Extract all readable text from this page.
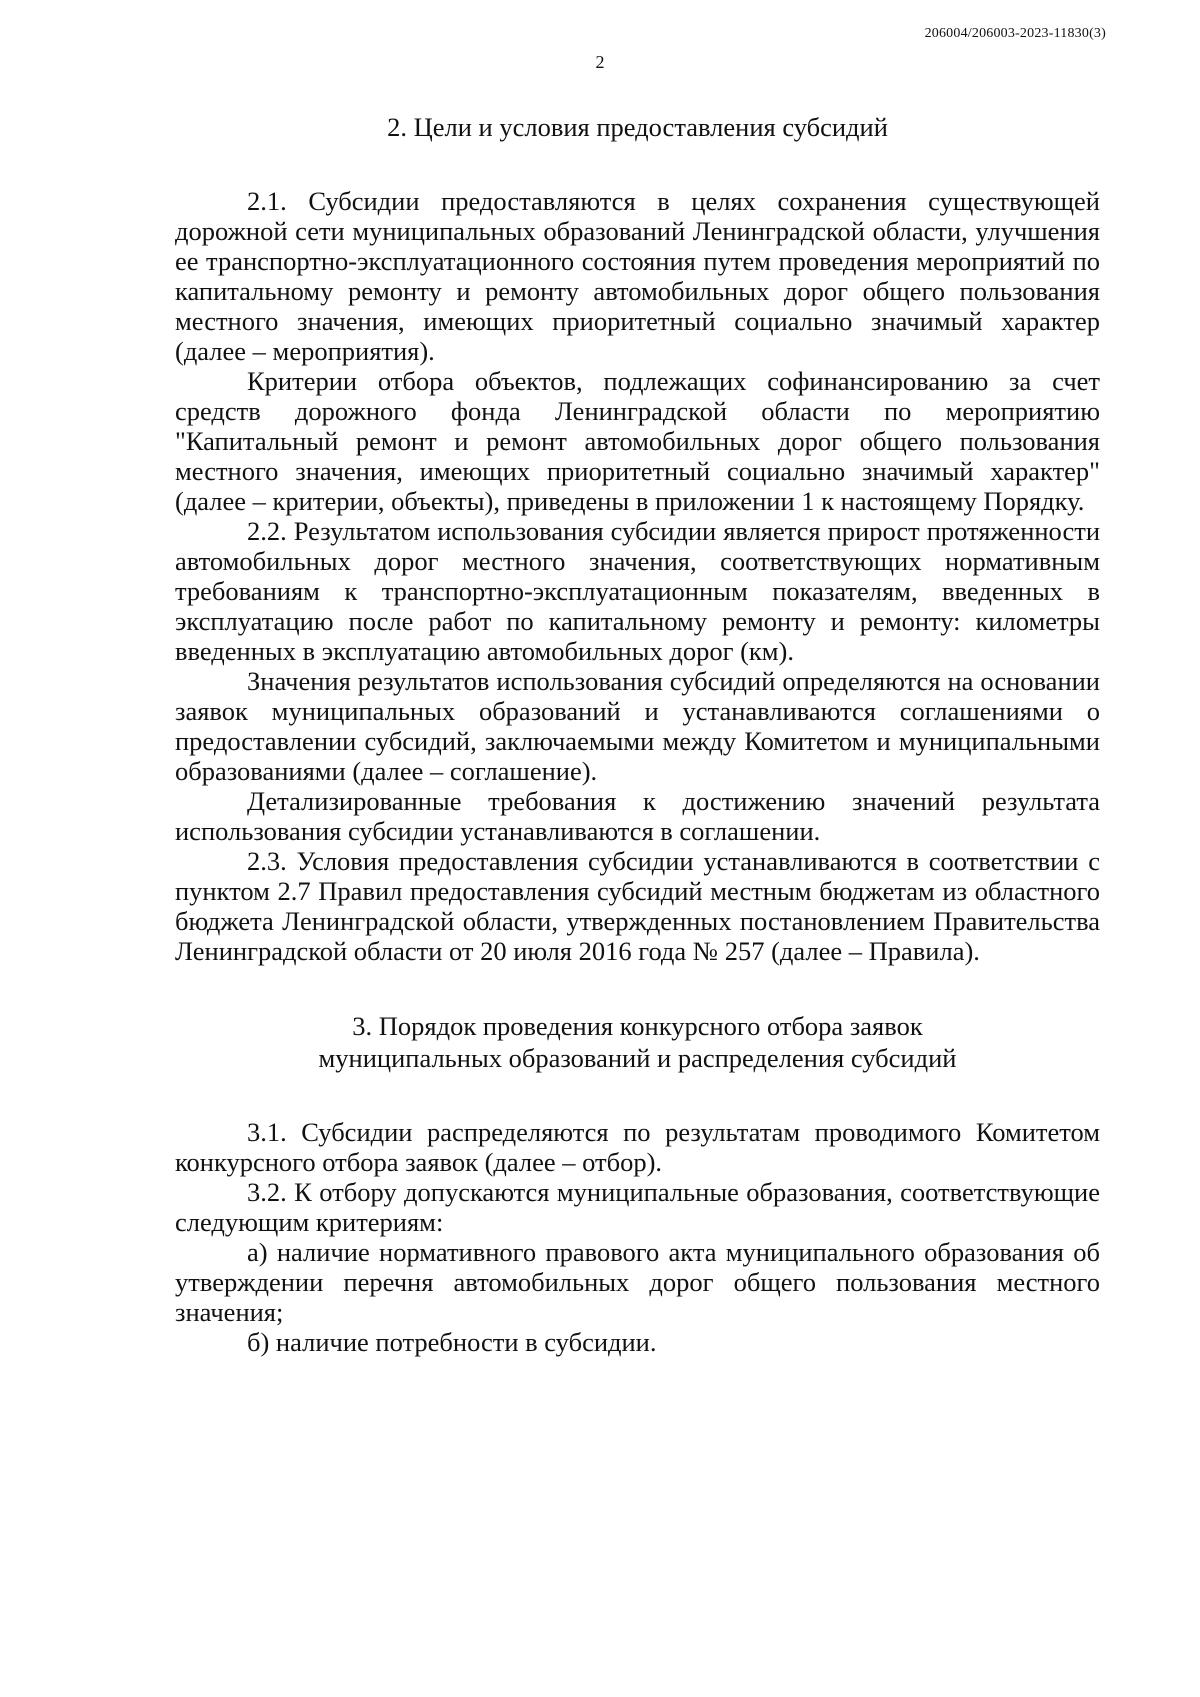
206004/206003-2023-11830(3)
2
2. Цели и условия предоставления субсидий

2.1. Субсидии предоставляются в целях сохранения существующей дорожной сети муниципальных образований Ленинградской области, улучшения ее транспортно-эксплуатационного состояния путем проведения мероприятий по капитальному ремонту и ремонту автомобильных дорог общего пользования местного значения, имеющих приоритетный социально значимый характер (далее – мероприятия).

Критерии отбора объектов, подлежащих софинансированию за счет средств дорожного фонда Ленинградской области по мероприятию "Капитальный ремонт и ремонт автомобильных дорог общего пользования местного значения, имеющих приоритетный социально значимый характер" (далее – критерии, объекты), приведены в приложении 1 к настоящему Порядку.

2.2. Результатом использования субсидии является прирост протяженности автомобильных дорог местного значения, соответствующих нормативным требованиям к транспортно-эксплуатационным показателям, введенных в эксплуатацию после работ по капитальному ремонту и ремонту: километры введенных в эксплуатацию автомобильных дорог (км).

Значения результатов использования субсидий определяются на основании заявок муниципальных образований и устанавливаются соглашениями о предоставлении субсидий, заключаемыми между Комитетом и муниципальными образованиями (далее – соглашение).

Детализированные требования к достижению значений результата использования субсидии устанавливаются в соглашении.

2.3. Условия предоставления субсидии устанавливаются в соответствии с пунктом 2.7 Правил предоставления субсидий местным бюджетам из областного бюджета Ленинградской области, утвержденных постановлением Правительства Ленинградской области от 20 июля 2016 года № 257 (далее – Правила).

3. Порядок проведения конкурсного отбора заявок
муниципальных образований и распределения субсидий

3.1. Субсидии распределяются по результатам проводимого Комитетом конкурсного отбора заявок (далее – отбор).

3.2. К отбору допускаются муниципальные образования, соответствующие следующим критериям:

а) наличие нормативного правового акта муниципального образования об утверждении перечня автомобильных дорог общего пользования местного значения;

б) наличие потребности в субсидии.
